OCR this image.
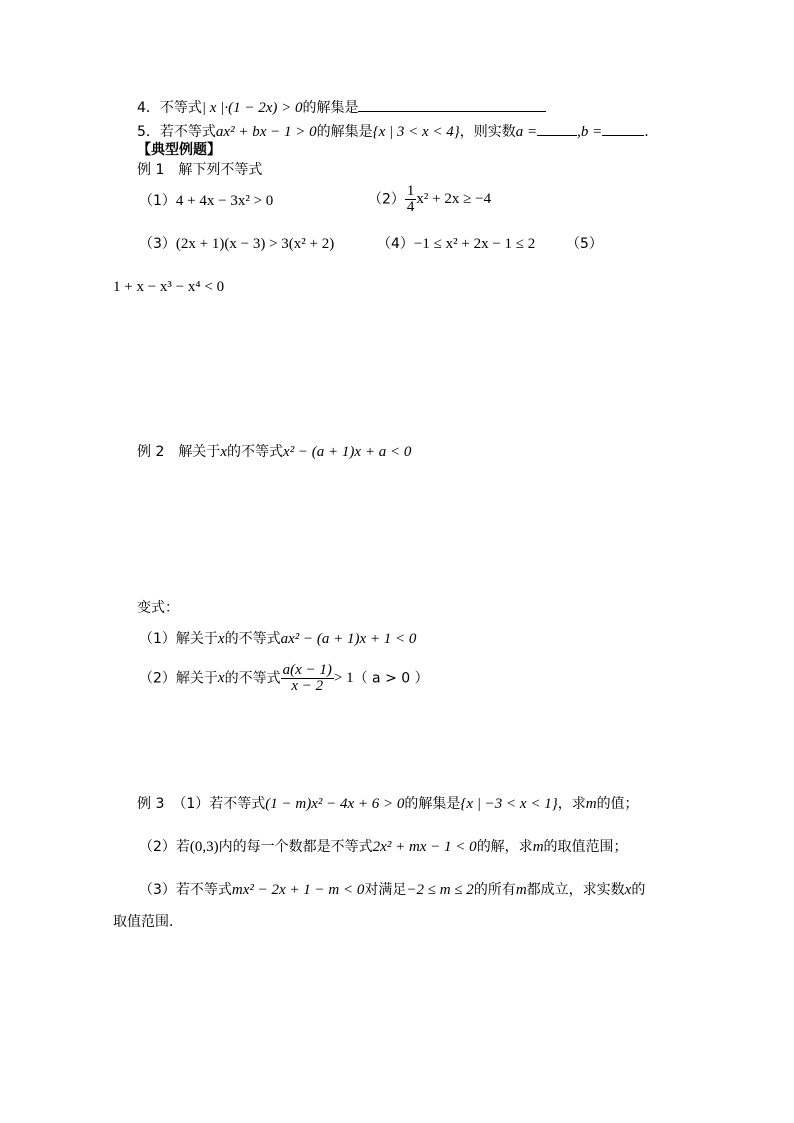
4．不等式| x |·(1 − 2x) > 0的解集是
5．若不等式ax² + bx − 1 > 0的解集是{x | 3 < x < 4}，则实数a =	,b =	.
【典型例题】
例 1 解下列不等式
（1）4 + 4x − 3x² > 0	$(2) \frac{1}{4} x^2 + 2x \ge -4$
（3）(2x + 1)(x − 3) > 3(x² + 2)	（4）−1 ≤ x² + 2x − 1 ≤ 2 （5）
1 + x − x³ − x⁴ < 0
例 2 解关于x的不等式x² − (a + 1)x + a < 0
变式：
（1）解关于x的不等式ax² − (a + 1)x + 1 < 0
（2）解关于x的不等式 $\frac{a(x - 1)}{x - 2} > 1$（ a > 0 ）
例 3 （1）若不等式(1 − m)x² − 4x + 6 > 0的解集是{x | −3 < x < 1}，求m的值；
（2）若(0,3)内的每一个数都是不等式2x² + mx − 1 < 0的解，求m的取值范围；
（3）若不等式mx² − 2x + 1 − m < 0对满足−2 ≤ m ≤ 2的所有m都成立，求实数x的
取值范围．
